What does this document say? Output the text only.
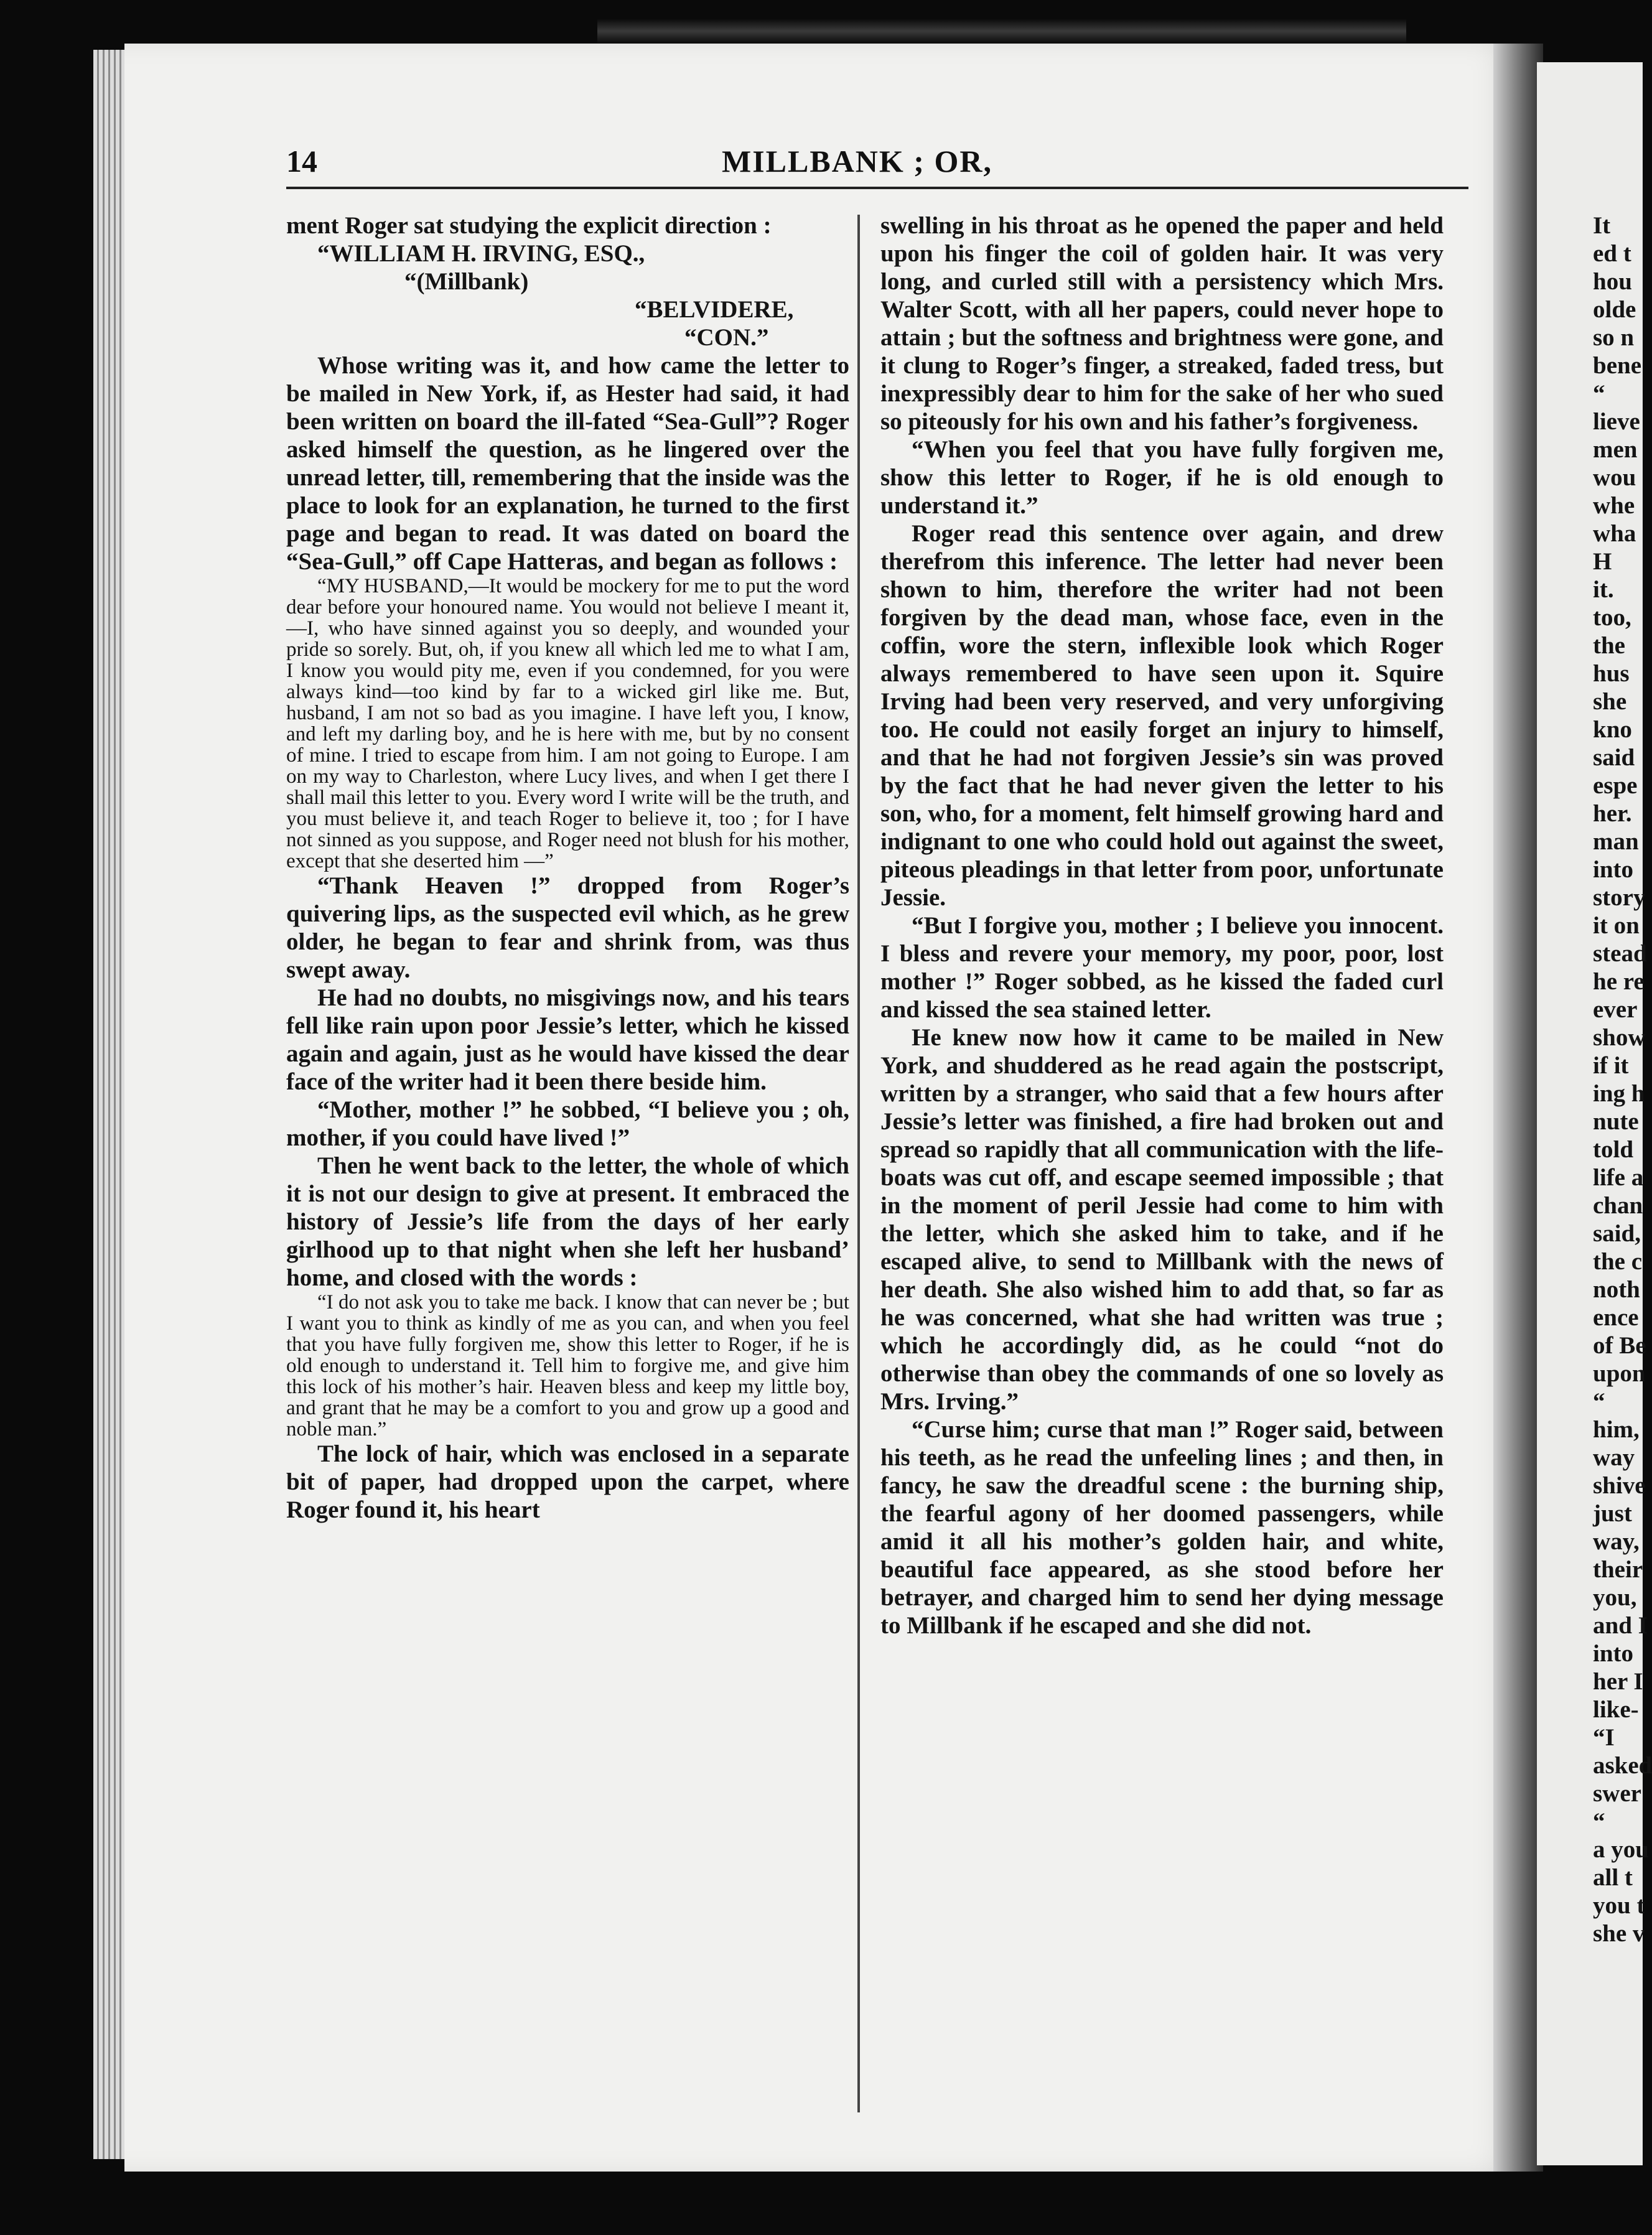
14	MILLBANK ; OR,

ment Roger sat studying the explicit direction :

“WILLIAM H. IRVING, ESQ.,
“(Millbank)
“BELVIDERE,
“CON.”

Whose writing was it, and how came the letter to be mailed in New York, if, as Hester had said, it had been written on board the ill-fated “Sea-Gull”? Roger asked himself the question, as he lingered over the unread letter, till, remembering that the inside was the place to look for an explanation, he turned to the first page and began to read. It was dated on board the “Sea-Gull,” off Cape Hatteras, and began as follows :

“MY HUSBAND,—It would be mockery for me to put the word dear before your honoured name. You would not believe I meant it,—I, who have sinned against you so deeply, and wounded your pride so sorely. But, oh, if you knew all which led me to what I am, I know you would pity me, even if you condemned, for you were always kind—too kind by far to a wicked girl like me. But, husband, I am not so bad as you imagine. I have left you, I know, and left my darling boy, and he is here with me, but by no consent of mine. I tried to escape from him. I am not going to Europe. I am on my way to Charleston, where Lucy lives, and when I get there I shall mail this letter to you. Every word I write will be the truth, and you must believe it, and teach Roger to believe it, too ; for I have not sinned as you suppose, and Roger need not blush for his mother, except that she deserted him —”

“Thank Heaven !” dropped from Roger’s quivering lips, as the suspected evil which, as he grew older, he began to fear and shrink from, was thus swept away.

He had no doubts, no misgivings now, and his tears fell like rain upon poor Jessie’s letter, which he kissed again and again, just as he would have kissed the dear face of the writer had it been there beside him.

“Mother, mother !” he sobbed, “I believe you ; oh, mother, if you could have lived !”

Then he went back to the letter, the whole of which it is not our design to give at present. It embraced the history of Jessie’s life from the days of her early girlhood up to that night when she left her husband’ home, and closed with the words :

“I do not ask you to take me back. I know that can never be ; but I want you to think as kindly of me as you can, and when you feel that you have fully forgiven me, show this letter to Roger, if he is old enough to understand it. Tell him to forgive me, and give him this lock of his mother’s hair. Heaven bless and keep my little boy, and grant that he may be a comfort to you and grow up a good and noble man.”

The lock of hair, which was enclosed in a separate bit of paper, had dropped upon the carpet, where Roger found it, his heart

swelling in his throat as he opened the paper and held upon his finger the coil of golden hair. It was very long, and curled still with a persistency which Mrs. Walter Scott, with all her papers, could never hope to attain ; but the softness and brightness were gone, and it clung to Roger’s finger, a streaked, faded tress, but inexpressibly dear to him for the sake of her who sued so piteously for his own and his father’s forgiveness.

“When you feel that you have fully forgiven me, show this letter to Roger, if he is old enough to understand it.”

Roger read this sentence over again, and drew therefrom this inference. The letter had never been shown to him, therefore the writer had not been forgiven by the dead man, whose face, even in the coffin, wore the stern, inflexible look which Roger always remembered to have seen upon it. Squire Irving had been very reserved, and very unforgiving too. He could not easily forget an injury to himself, and that he had not forgiven Jessie’s sin was proved by the fact that he had never given the letter to his son, who, for a moment, felt himself growing hard and indignant to one who could hold out against the sweet, piteous pleadings in that letter from poor, unfortunate Jessie.

“But I forgive you, mother ; I believe you innocent. I bless and revere your memory, my poor, poor, lost mother !” Roger sobbed, as he kissed the faded curl and kissed the sea stained letter.

He knew now how it came to be mailed in New York, and shuddered as he read again the postscript, written by a stranger, who said that a few hours after Jessie’s letter was finished, a fire had broken out and spread so rapidly that all communication with the life-boats was cut off, and escape seemed impossible ; that in the moment of peril Jessie had come to him with the letter, which she asked him to take, and if he escaped alive, to send to Millbank with the news of her death. She also wished him to add that, so far as he was concerned, what she had written was true ; which he accordingly did, as he could “not do otherwise than obey the commands of one so lovely as Mrs. Irving.”

“Curse him; curse that man !” Roger said, between his teeth, as he read the unfeeling lines ; and then, in fancy, he saw the dreadful scene : the burning ship, the fearful agony of her doomed passengers, while amid it all his mother’s golden hair, and white, beautiful face appeared, as she stood before her betrayer, and charged him to send her dying message to Millbank if he escaped and she did not.

It
ed t
hou
olde
so n
bene
“
lieve
men
wou
whe
wha
H
it.
too,
the
hus
she
kno
said
espe
her.
man
into
story
it on
stead
he re
ever
show
if it
ing h
nute
told
life a
chan
said,
the c
noth
ence
of Be
upon
“
him,
way
shive
just
way,
their
you,
and I
into
her I
like-
“I
asked
swer
“
a you
all t
you t
she v
